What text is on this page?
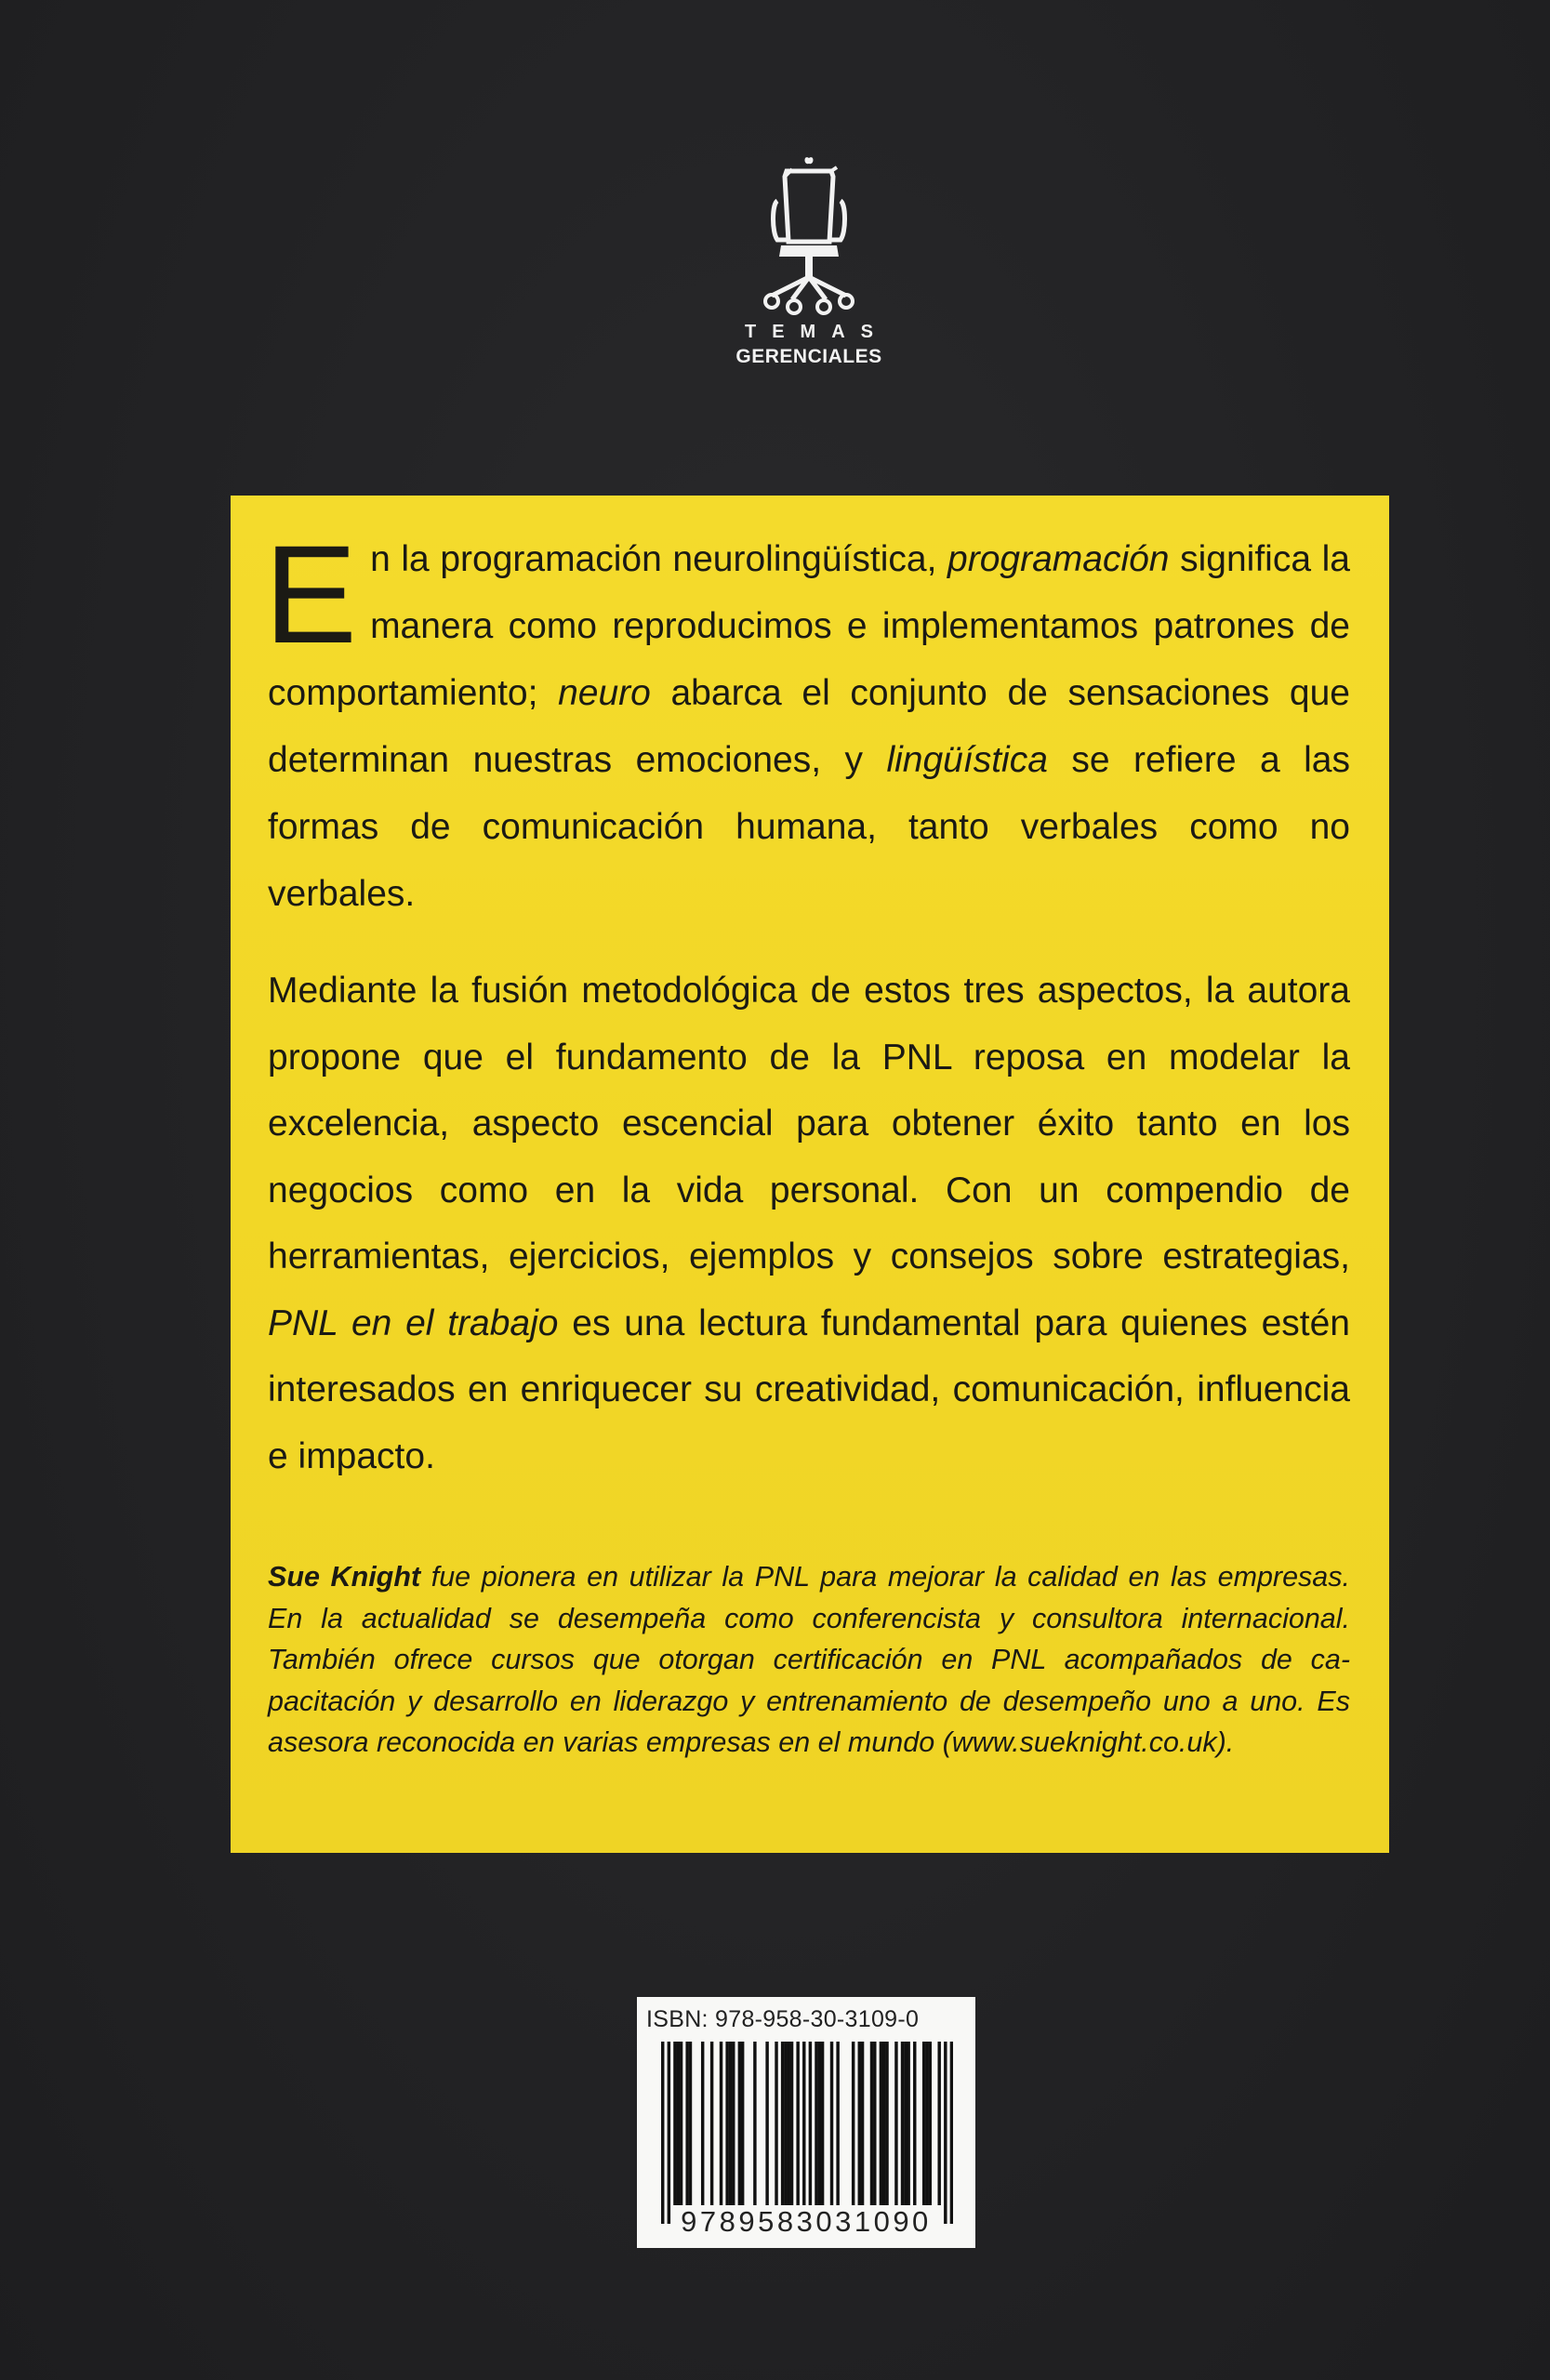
TEMAS
GERENCIALES
En la programación neurolingüística, programación significa la manera como reproducimos e implementamos patrones de comportamiento; neuro abarca el conjunto de sensaciones que determinan nuestras emociones, y lingüística se refiere a las formas de comunicación humana, tanto verbales como no verbales.
Mediante la fusión metodológica de estos tres aspectos, la autora propone que el fundamento de la PNL reposa en modelar la excelencia, aspecto escencial para obtener éxito tanto en los negocios como en la vida personal. Con un compendio de herramientas, ejercicios, ejemplos y consejos sobre estrategias, PNL en el trabajo es una lectura fundamental para quienes estén interesados en enriquecer su creatividad, comunicación, influencia e impacto.
Sue Knight fue pionera en utilizar la PNL para mejorar la calidad en las empresas. En la actualidad se desempeña como conferencista y consultora internacional. También ofrece cursos que otorgan certificación en PNL acompañados de ca-pacitación y desarrollo en liderazgo y entrenamiento de desempeño uno a uno. Es asesora reconocida en varias empresas en el mundo (www.sueknight.co.uk).
ISBN: 978-958-30-3109-0
9789583031090
